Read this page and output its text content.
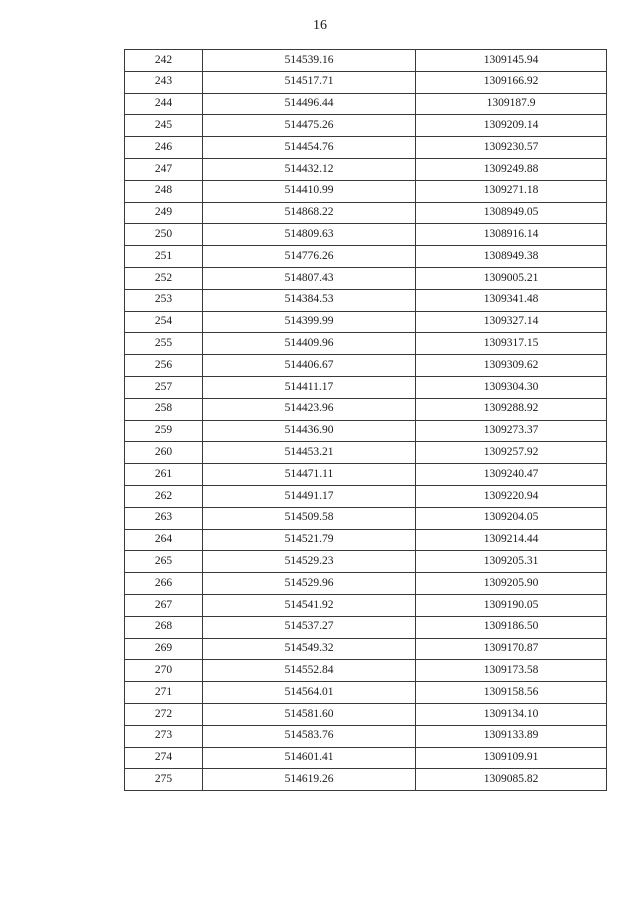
16
242	514539.16	1309145.94
243	514517.71	1309166.92
244	514496.44	1309187.9
245	514475.26	1309209.14
246	514454.76	1309230.57
247	514432.12	1309249.88
248	514410.99	1309271.18
249	514868.22	1308949.05
250	514809.63	1308916.14
251	514776.26	1308949.38
252	514807.43	1309005.21
253	514384.53	1309341.48
254	514399.99	1309327.14
255	514409.96	1309317.15
256	514406.67	1309309.62
257	514411.17	1309304.30
258	514423.96	1309288.92
259	514436.90	1309273.37
260	514453.21	1309257.92
261	514471.11	1309240.47
262	514491.17	1309220.94
263	514509.58	1309204.05
264	514521.79	1309214.44
265	514529.23	1309205.31
266	514529.96	1309205.90
267	514541.92	1309190.05
268	514537.27	1309186.50
269	514549.32	1309170.87
270	514552.84	1309173.58
271	514564.01	1309158.56
272	514581.60	1309134.10
273	514583.76	1309133.89
274	514601.41	1309109.91
275	514619.26	1309085.82
